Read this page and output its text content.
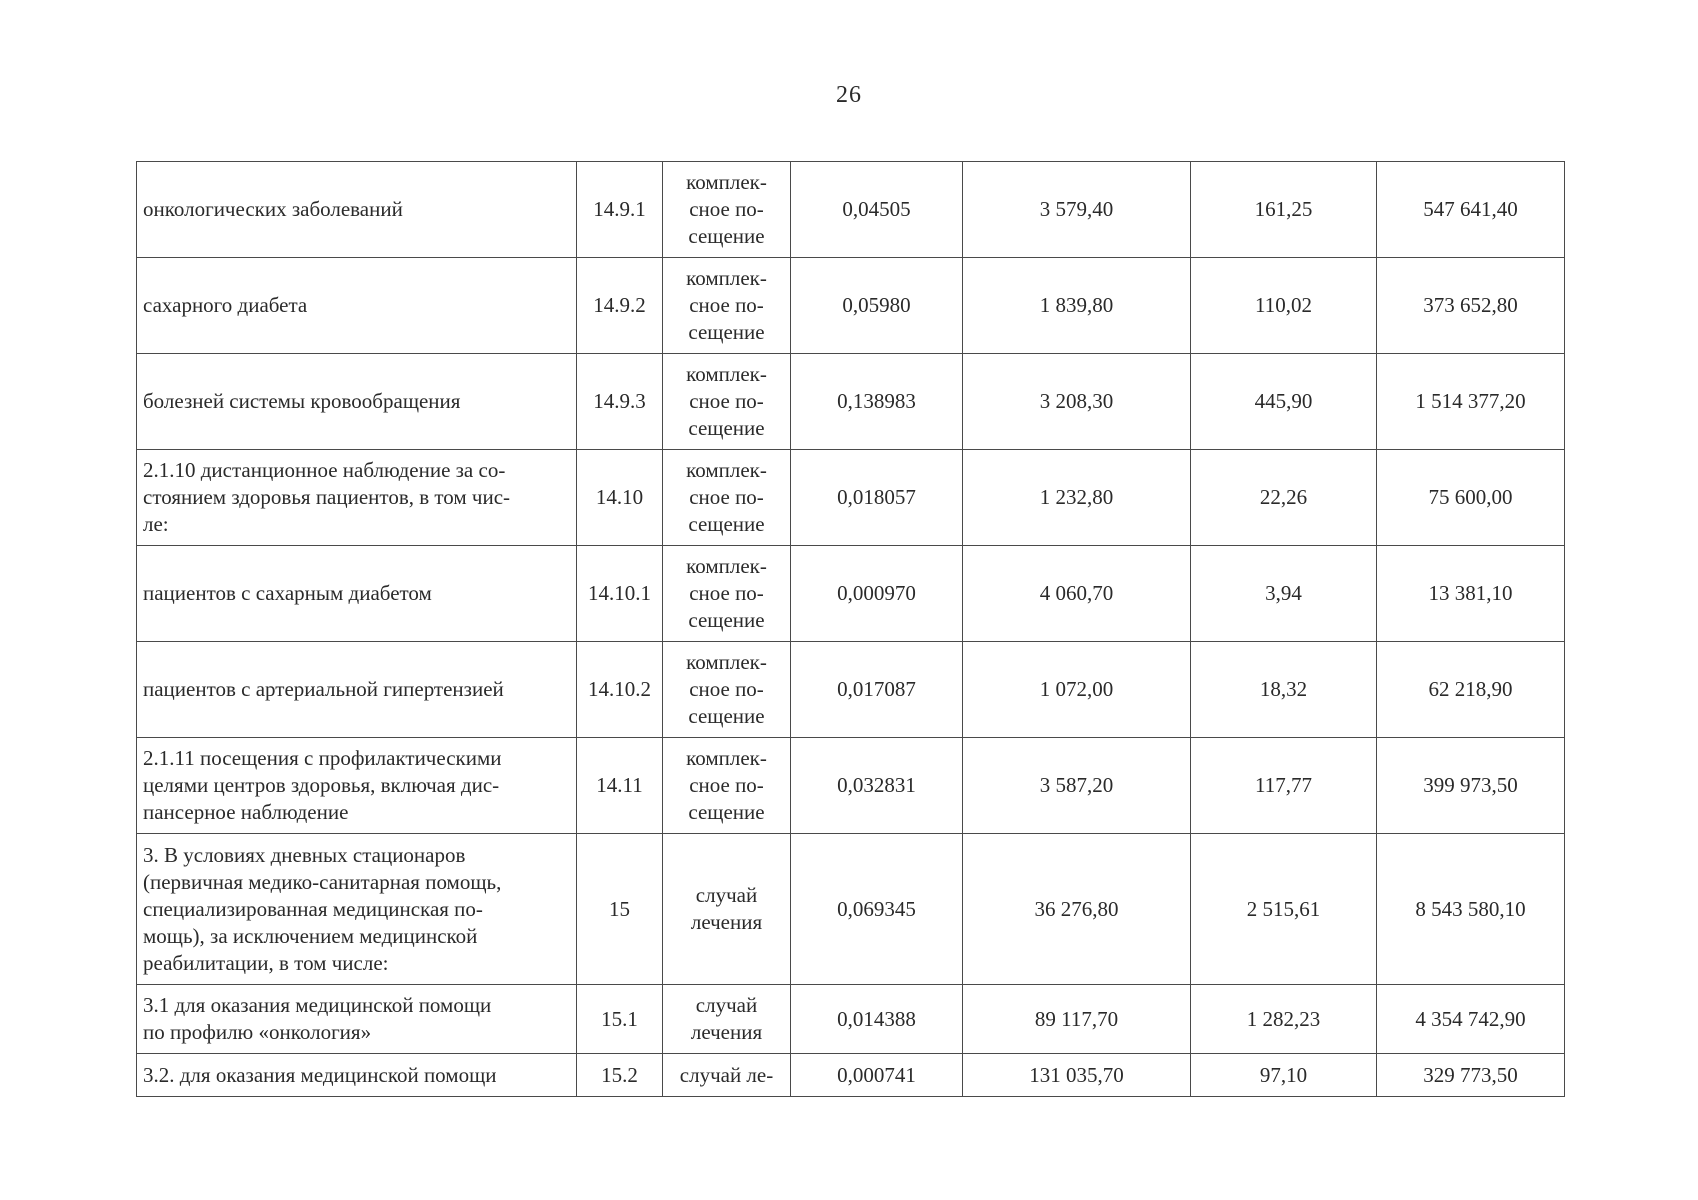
26
онкологических заболеваний	14.9.1	комплек-
сное по-
сещение	0,04505	3 579,40	161,25	547 641,40

сахарного диабета	14.9.2	комплек-
сное по-
сещение	0,05980	1 839,80	110,02	373 652,80

болезней системы кровообращения	14.9.3	комплек-
сное по-
сещение	0,138983	3 208,30	445,90	1 514 377,20

2.1.10 дистанционное наблюдение за со-
стоянием здоровья пациентов, в том чис-
ле:	14.10	комплек-
сное по-
сещение	0,018057	1 232,80	22,26	75 600,00

пациентов с сахарным диабетом	14.10.1	комплек-
сное по-
сещение	0,000970	4 060,70	3,94	13 381,10

пациентов с артериальной гипертензией	14.10.2	комплек-
сное по-
сещение	0,017087	1 072,00	18,32	62 218,90

2.1.11 посещения с профилактическими
целями центров здоровья, включая дис-
пансерное наблюдение	14.11	комплек-
сное по-
сещение	0,032831	3 587,20	117,77	399 973,50

3. В условиях дневных стационаров
(первичная медико-санитарная помощь,
специализированная медицинская по-
мощь), за исключением медицинской
реабилитации, в том числе:	15	случай
лечения	0,069345	36 276,80	2 515,61	8 543 580,10

3.1 для оказания медицинской помощи
по профилю «онкология»	15.1	случай
лечения	0,014388	89 117,70	1 282,23	4 354 742,90

3.2. для оказания медицинской помощи	15.2	случай ле-	0,000741	131 035,70	97,10	329 773,50
